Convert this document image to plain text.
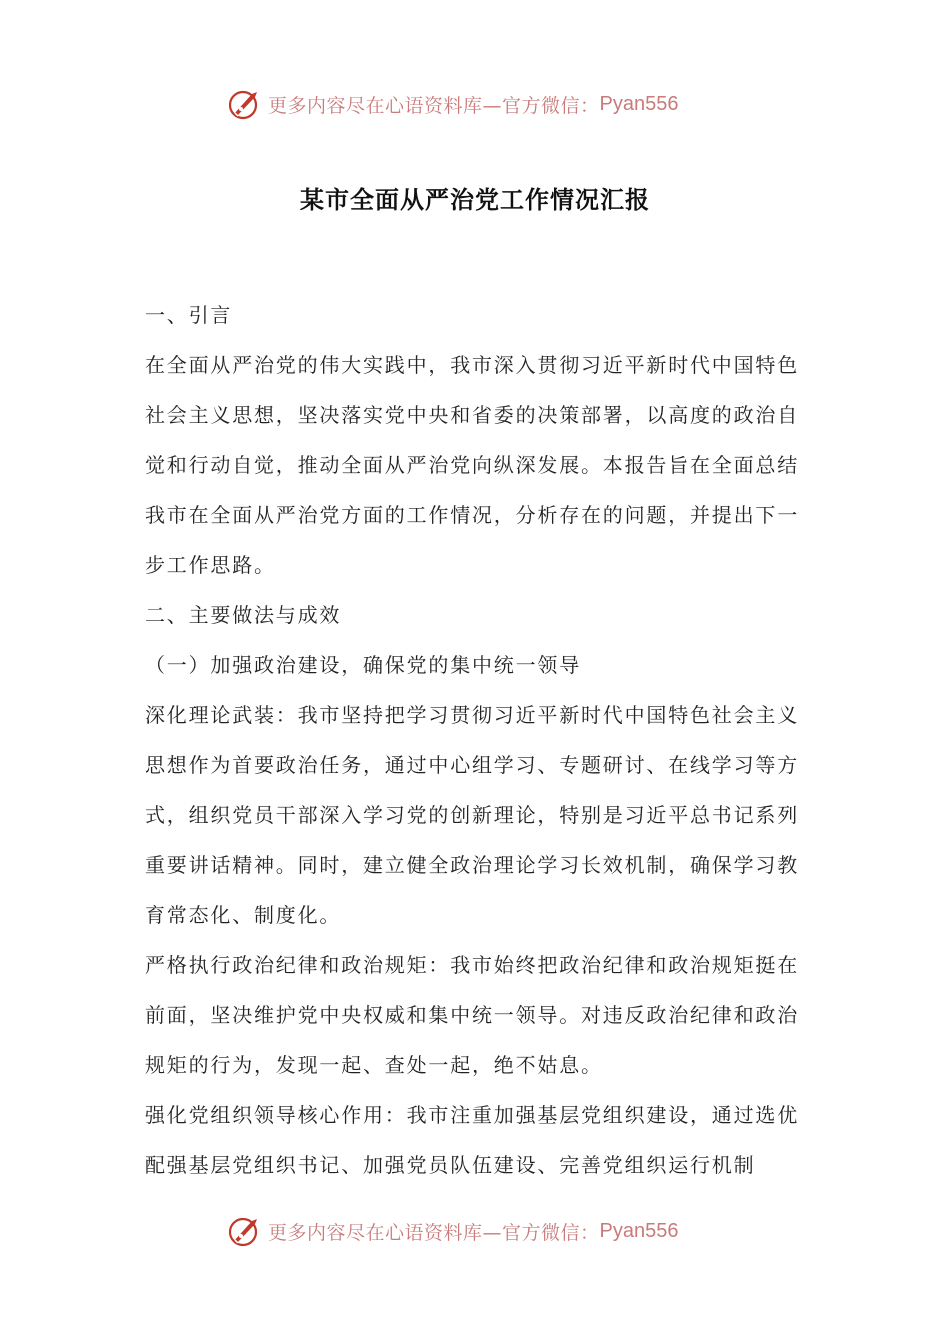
更多内容尽在心语资料库—官方微信： Pyan556
某市全面从严治党工作情况汇报

一、引言

在全面从严治党的伟大实践中，我市深入贯彻习近平新时代中国特色社会主义思想，坚决落实党中央和省委的决策部署，以高度的政治自觉和行动自觉，推动全面从严治党向纵深发展。本报告旨在全面总结我市在全面从严治党方面的工作情况，分析存在的问题，并提出下一步工作思路。

二、主要做法与成效

（一）加强政治建设，确保党的集中统一领导

深化理论武装：我市坚持把学习贯彻习近平新时代中国特色社会主义思想作为首要政治任务，通过中心组学习、专题研讨、在线学习等方式，组织党员干部深入学习党的创新理论，特别是习近平总书记系列重要讲话精神。同时，建立健全政治理论学习长效机制，确保学习教育常态化、制度化。

严格执行政治纪律和政治规矩：我市始终把政治纪律和政治规矩挺在前面，坚决维护党中央权威和集中统一领导。对违反政治纪律和政治规矩的行为，发现一起、查处一起，绝不姑息。

强化党组织领导核心作用：我市注重加强基层党组织建设，通过选优配强基层党组织书记、加强党员队伍建设、完善党组织运行机制

更多内容尽在心语资料库—官方微信： Pyan556
